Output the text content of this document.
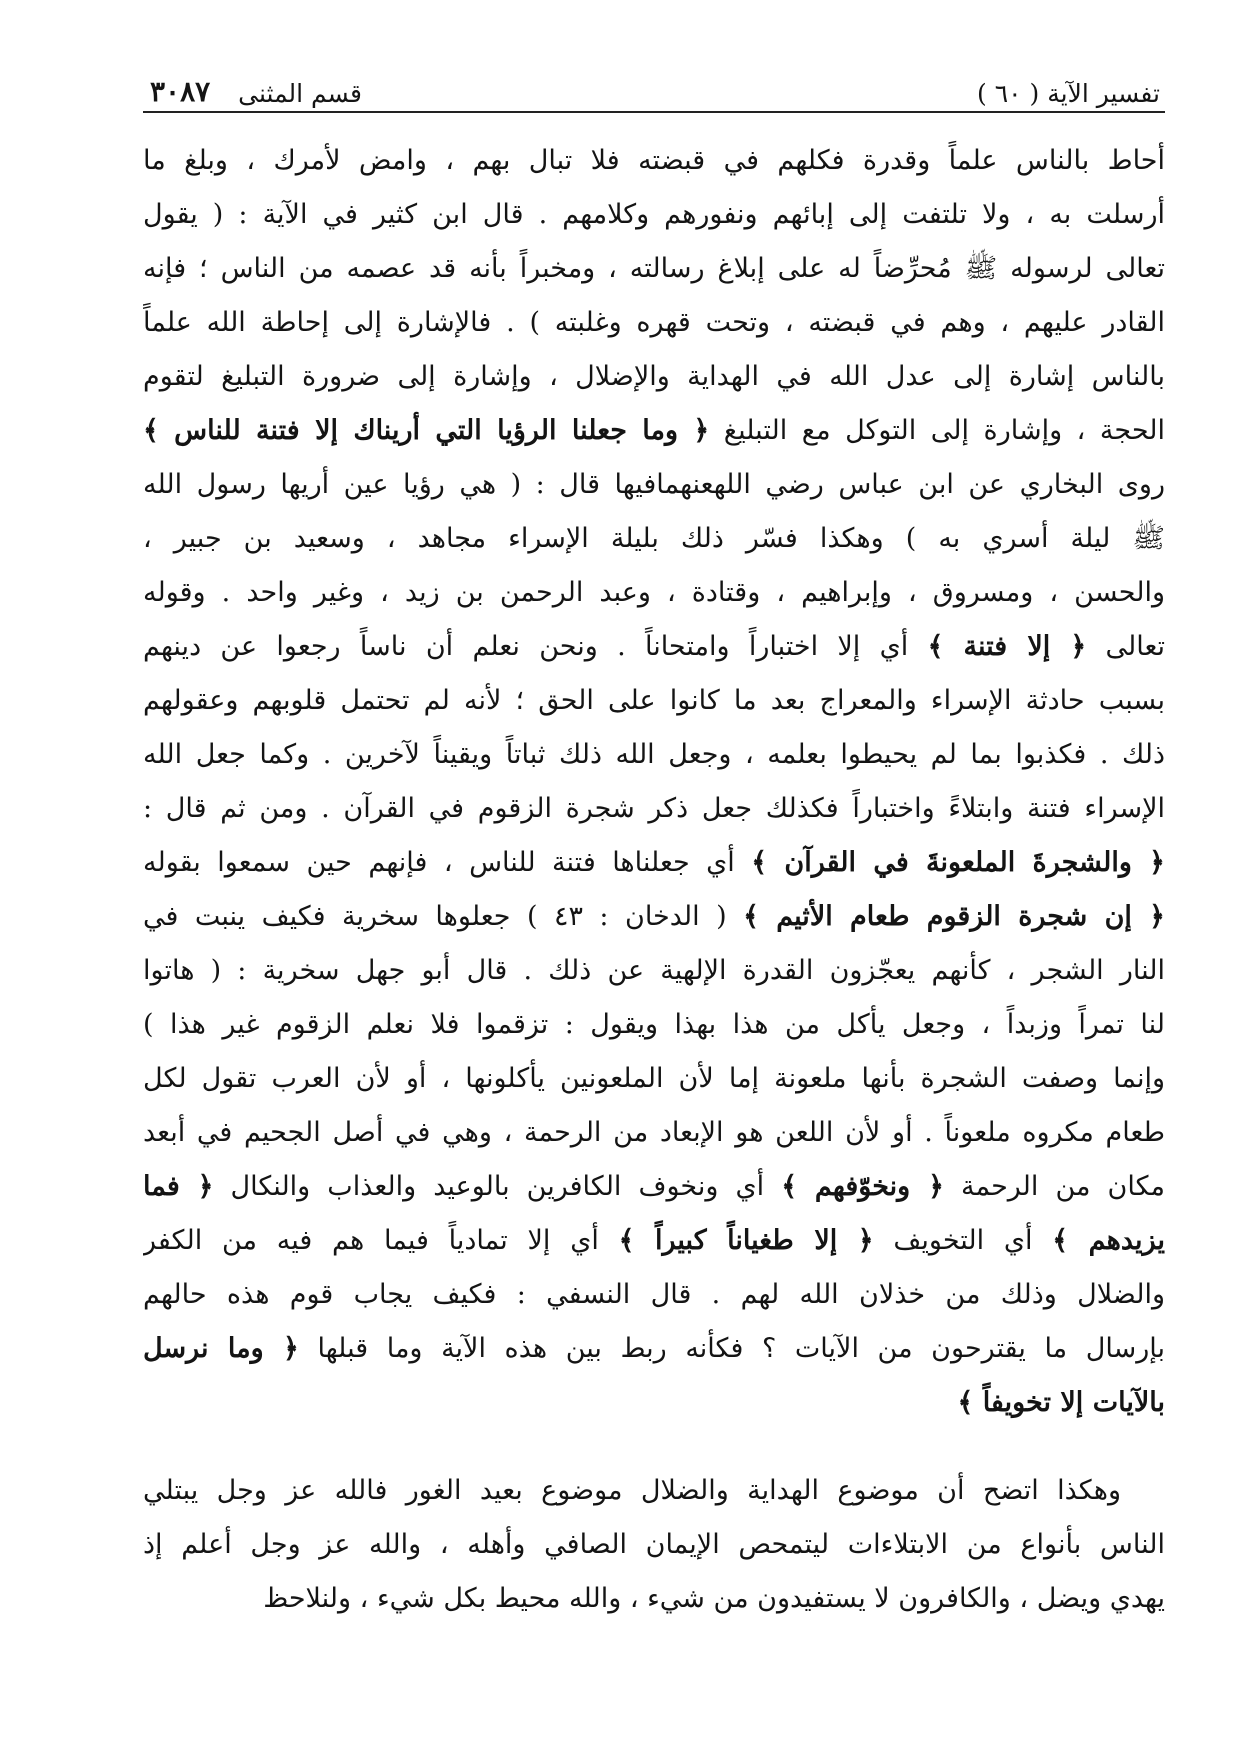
تفسير الآية ( ٦٠ )
قسم المثنى
٣٠٨٧
أحاط بالناس علماً وقدرة فكلهم في قبضته فلا تبال بهم ، وامض لأمرك ، وبلغ ما
أرسلت به ، ولا تلتفت إلى إبائهم ونفورهم وكلامهم . قال ابن كثير في الآية : ( يقول
تعالى لرسوله ﷺ مُحرِّضاً له على إبلاغ رسالته ، ومخبراً بأنه قد عصمه من الناس ؛ فإنه
القادر عليهم ، وهم في قبضته ، وتحت قهره وغلبته ) . فالإشارة إلى إحاطة الله علماً
بالناس إشارة إلى عدل الله في الهداية والإضلال ، وإشارة إلى ضرورة التبليغ لتقوم
الحجة ، وإشارة إلى التوكل مع التبليغ ﴿ وما جعلنا الرؤيا التي أريناك إلا فتنة للناس ﴾
روى البخاري عن ابن عباس رضي اللهعنهمافيها قال : ( هي رؤيا عين أريها رسول الله
ﷺ ليلة أسري به ) وهكذا فسّر ذلك بليلة الإسراء مجاهد ، وسعيد بن جبير ،
والحسن ، ومسروق ، وإبراهيم ، وقتادة ، وعبد الرحمن بن زيد ، وغير واحد . وقوله
تعالى ﴿ إلا فتنة ﴾ أي إلا اختباراً وامتحاناً . ونحن نعلم أن ناساً رجعوا عن دينهم
بسبب حادثة الإسراء والمعراج بعد ما كانوا على الحق ؛ لأنه لم تحتمل قلوبهم وعقولهم
ذلك . فكذبوا بما لم يحيطوا بعلمه ، وجعل الله ذلك ثباتاً ويقيناً لآخرين . وكما جعل الله
الإسراء فتنة وابتلاءً واختباراً فكذلك جعل ذكر شجرة الزقوم في القرآن . ومن ثم قال :
﴿ والشجرةَ الملعونةَ في القرآن ﴾ أي جعلناها فتنة للناس ، فإنهم حين سمعوا بقوله
﴿ إن شجرة الزقوم طعام الأثيم ﴾ ( الدخان : ٤٣ ) جعلوها سخرية فكيف ينبت في
النار الشجر ، كأنهم يعجّزون القدرة الإلهية عن ذلك . قال أبو جهل سخرية : ( هاتوا
لنا تمراً وزبداً ، وجعل يأكل من هذا بهذا ويقول : تزقموا فلا نعلم الزقوم غير هذا )
وإنما وصفت الشجرة بأنها ملعونة إما لأن الملعونين يأكلونها ، أو لأن العرب تقول لكل
طعام مكروه ملعوناً . أو لأن اللعن هو الإبعاد من الرحمة ، وهي في أصل الجحيم في أبعد
مكان من الرحمة ﴿ ونخوّفهم ﴾ أي ونخوف الكافرين بالوعيد والعذاب والنكال ﴿ فما
يزيدهم ﴾ أي التخويف ﴿ إلا طغياناً كبيراً ﴾ أي إلا تمادياً فيما هم فيه من الكفر
والضلال وذلك من خذلان الله لهم . قال النسفي : فكيف يجاب قوم هذه حالهم
بإرسال ما يقترحون من الآيات ؟ فكأنه ربط بين هذه الآية وما قبلها ﴿ وما نرسل
بالآيات إلا تخويفاً ﴾
وهكذا اتضح أن موضوع الهداية والضلال موضوع بعيد الغور فالله عز وجل يبتلي
الناس بأنواع من الابتلاءات ليتمحص الإيمان الصافي وأهله ، والله عز وجل أعلم إذ
يهدي ويضل ، والكافرون لا يستفيدون من شيء ، والله محيط بكل شيء ، ولنلاحظ
